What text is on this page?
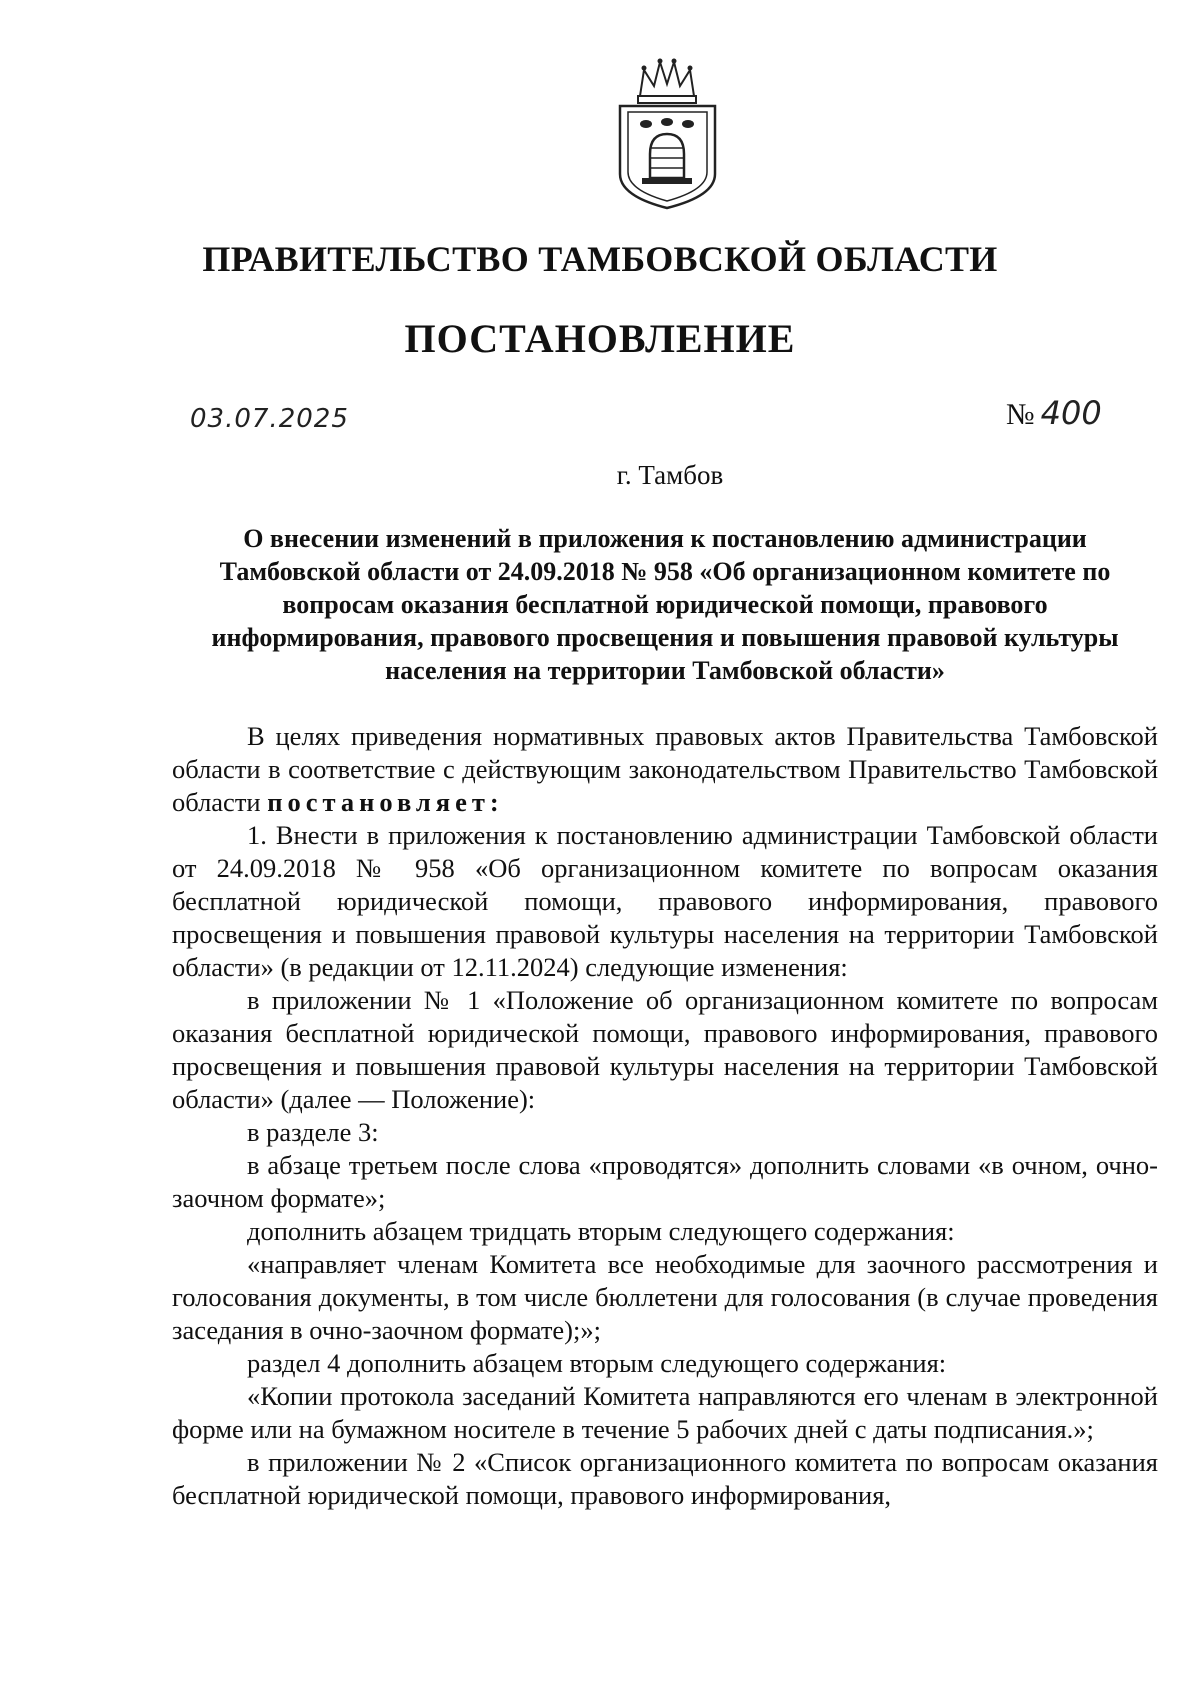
ПРАВИТЕЛЬСТВО ТАМБОВСКОЙ ОБЛАСТИ
ПОСТАНОВЛЕНИЕ
03.07.2025	№ 400
г. Тамбов
О внесении изменений в приложения к постановлению администрации Тамбовской области от 24.09.2018 № 958 «Об организационном комитете по вопросам оказания бесплатной юридической помощи, правового информирования, правового просвещения и повышения правовой культуры населения на территории Тамбовской области»

В целях приведения нормативных правовых актов Правительства Тамбовской области в соответствие с действующим законодательством Правительство Тамбовской области постановляет:

1. Внести в приложения к постановлению администрации Тамбовской области от 24.09.2018 № 958 «Об организационном комитете по вопросам оказания бесплатной юридической помощи, правового информирования, правового просвещения и повышения правовой культуры населения на территории Тамбовской области» (в редакции от 12.11.2024) следующие изменения:

в приложении № 1 «Положение об организационном комитете по вопросам оказания бесплатной юридической помощи, правового информирования, правового просвещения и повышения правовой культуры населения на территории Тамбовской области» (далее — Положение):

в разделе 3:

в абзаце третьем после слова «проводятся» дополнить словами «в очном, очно-заочном формате»;

дополнить абзацем тридцать вторым следующего содержания:

«направляет членам Комитета все необходимые для заочного рассмотрения и голосования документы, в том числе бюллетени для голосования (в случае проведения заседания в очно-заочном формате);»;

раздел 4 дополнить абзацем вторым следующего содержания:

«Копии протокола заседаний Комитета направляются его членам в электронной форме или на бумажном носителе в течение 5 рабочих дней с даты подписания.»;

в приложении № 2 «Список организационного комитета по вопросам оказания бесплатной юридической помощи, правового информирования,
